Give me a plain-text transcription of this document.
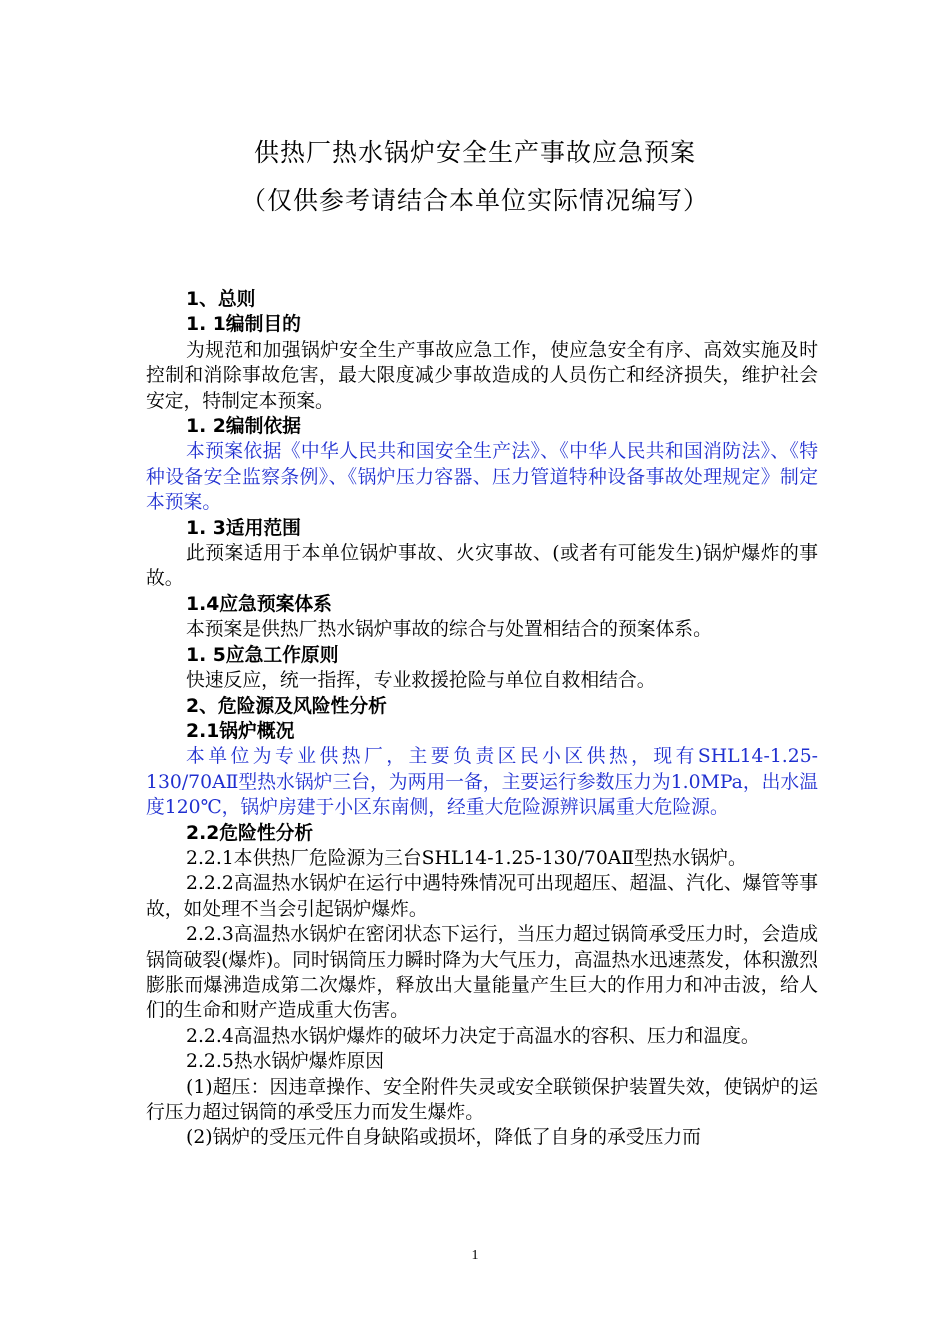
供热厂热水锅炉安全生产事故应急预案
（仅供参考请结合本单位实际情况编写）

1、总则

1. 1编制目的

为规范和加强锅炉安全生产事故应急工作，使应急安全有序、高效实施及时控制和消除事故危害，最大限度减少事故造成的人员伤亡和经济损失，维护社会安定，特制定本预案。

1. 2编制依据

本预案依据《中华人民共和国安全生产法》、《中华人民共和国消防法》、《特种设备安全监察条例》、《锅炉压力容器、压力管道特种设备事故处理规定》制定本预案。

1. 3适用范围

此预案适用于本单位锅炉事故、火灾事故、(或者有可能发生)锅炉爆炸的事故。

1.4应急预案体系

本预案是供热厂热水锅炉事故的综合与处置相结合的预案体系。

1. 5应急工作原则

快速反应，统一指挥，专业救援抢险与单位自救相结合。

2、危险源及风险性分析

2.1锅炉概况

本单位为专业供热厂，主要负责区民小区供热，现有SHL14-1.25-130/70AⅡ型热水锅炉三台，为两用一备，主要运行参数压力为1.0MPa，出水温度120℃，锅炉房建于小区东南侧，经重大危险源辨识属重大危险源。

2.2危险性分析

2.2.1本供热厂危险源为三台SHL14-1.25-130/70AⅡ型热水锅炉。

2.2.2高温热水锅炉在运行中遇特殊情况可出现超压、超温、汽化、爆管等事故，如处理不当会引起锅炉爆炸。

2.2.3高温热水锅炉在密闭状态下运行，当压力超过锅筒承受压力时，会造成锅筒破裂(爆炸)。同时锅筒压力瞬时降为大气压力，高温热水迅速蒸发，体积激烈膨胀而爆沸造成第二次爆炸，释放出大量能量产生巨大的作用力和冲击波，给人们的生命和财产造成重大伤害。

2.2.4高温热水锅炉爆炸的破坏力决定于高温水的容积、压力和温度。

2.2.5热水锅炉爆炸原因

(1)超压：因违章操作、安全附件失灵或安全联锁保护装置失效，使锅炉的运行压力超过锅筒的承受压力而发生爆炸。

(2)锅炉的受压元件自身缺陷或损坏，降低了自身的承受压力而

1
